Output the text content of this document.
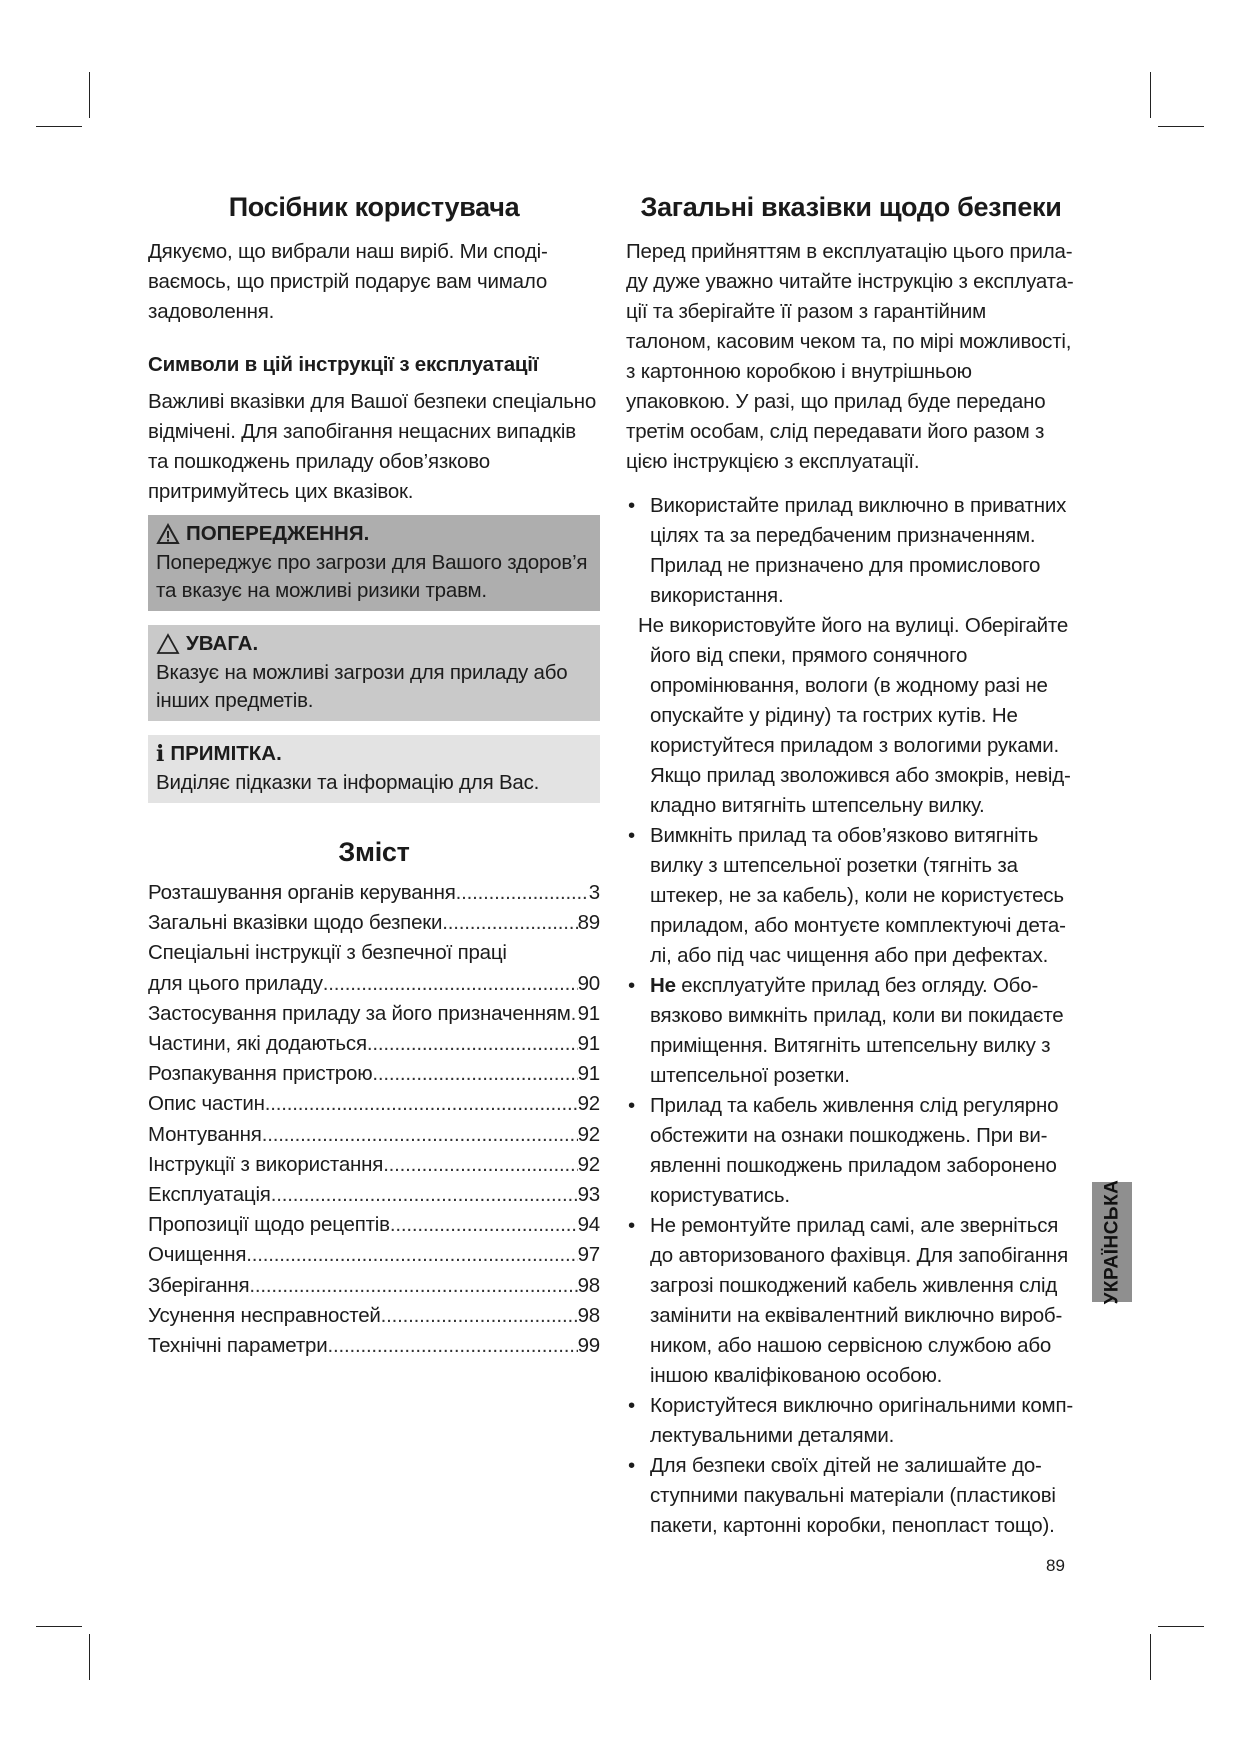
Посібник користувача

Дякуємо, що вибрали наш виріб. Ми сподіваємось, що пристрій подарує вам чимало задоволення.

Символи в цій інструкції з експлуатації

Важливі вказівки для Вашої безпеки спеціально відмічені. Для запобігання нещасних випадків та пошкоджень приладу обов’язково притримуйтесь цих вказівок.

ПОПЕРЕДЖЕННЯ.

Попереджує про загрози для Вашого здоров’я та вказує на можливі ризики травм.

УВАГА.

Вказує на можливі загрози для приладу або інших предметів.

i ПРИМІТКА.

Виділяє підказки та інформацію для Вас.

Зміст
Розташування органів керування .....	3
Загальні вказівки щодо безпеки .....	89
Спеціальні інструкції з безпечної праці
для цього приладу .....	90
Застосування приладу за його призначенням ..... 91
Частини, які додаються .....	91
Розпакування пристрою .....	91
Опис частин .....	92
Монтування .....	92
Інструкції з використання .....	92
Експлуатація .....	93
Пропозиції щодо рецептів .....	94
Очищення .....	97
Зберігання .....	98
Усунення несправностей .....	98
Технічні параметри .....	99
Загальні вказівки щодо безпеки

Перед прийняттям в експлуатацію цього приладу дуже уважно читайте інструкцію з експлуатації та зберігайте її разом з гарантійним талоном, касовим чеком та, по мірі можливості, з картонною коробкою і внутрішньою упаковкою. У разі, що прилад буде передано третім особам, слід передавати його разом з цією інструкцією з експлуатації.

• Використайте прилад виключно в приватних цілях та за передбаченим призначенням. Прилад не призначено для промислового використання.
Не використовуйте його на вулиці. Оберігайте його від спеки, прямого сонячного опромінювання, вологи (в жодному разі не опускайте у рідину) та гострих кутів. Не користуйтеся приладом з вологими руками. Якщо прилад зволожився або змокрів, невідкладно витягніть штепсельну вилку.
• Вимкніть прилад та обов’язково витягніть вилку з штепсельної розетки (тягніть за штекер, не за кабель), коли не користуєтесь приладом, або монтуєте комплектуючі деталі, або під час чищення або при дефектах.
• Не експлуатуйте прилад без огляду. Обовязково вимкніть прилад, коли ви покидаєте приміщення. Витягніть штепсельну вилку з штепсельної розетки.
• Прилад та кабель живлення слід регулярно обстежити на ознаки пошкоджень. При виявленні пошкоджень приладом заборонено користуватись.
• Не ремонтуйте прилад самі, але зверніться до авторизованого фахівця. Для запобігання загрозі пошкоджений кабель живлення слід замінити на еквівалентний виключно виробником, або нашою сервісною службою або іншою кваліфікованою особою.
• Користуйтеся виключно оригінальними комплектувальними деталями.
• Для безпеки своїх дітей не залишайте доступними пакувальні матеріали (пластикові пакети, картонні коробки, пенопласт тощо).
УКРАЇНСЬКА
89
